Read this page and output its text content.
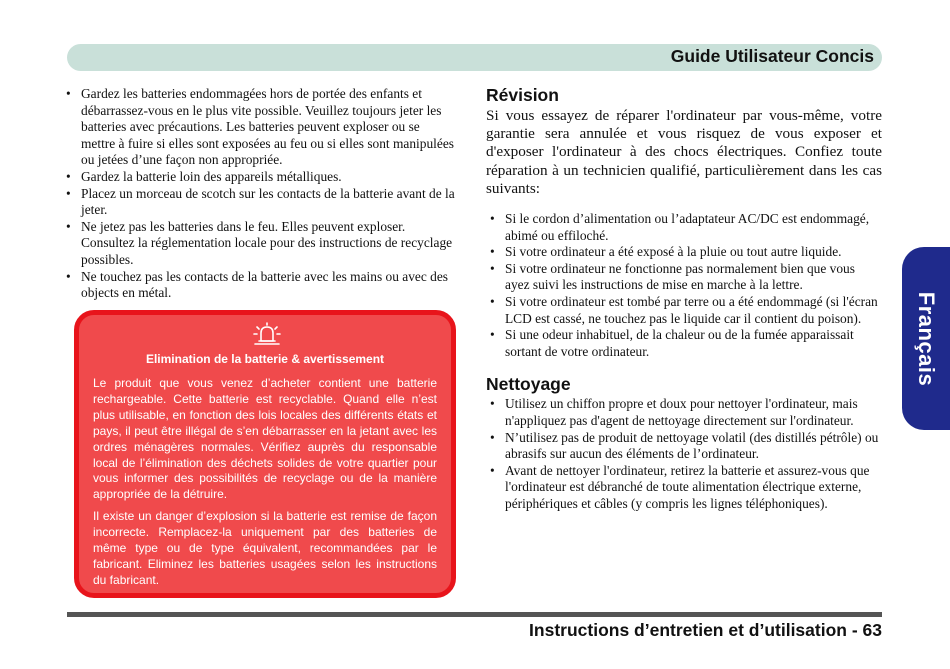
Guide Utilisateur Concis
Français
• Gardez les batteries endommagées hors de portée des enfants et débarrassez-vous en le plus vite possible. Veuillez toujours jeter les batteries avec précautions. Les batteries peuvent exploser ou se mettre à fuire si elles sont exposées au feu ou si elles sont manipulées ou jetées d’une façon non appropriée.
• Gardez la batterie loin des appareils métalliques.
• Placez un morceau de scotch sur les contacts de la batterie avant de la jeter.
• Ne jetez pas les batteries dans le feu. Elles peuvent exploser. Consultez la réglementation locale pour des instructions de recyclage possibles.
• Ne touchez pas les contacts de la batterie avec les mains ou avec des objects en métal.
Elimination de la batterie & avertissement

Le produit que vous venez d’acheter contient une batterie rechargeable. Cette batterie est recyclable. Quand elle n’est plus utilisable, en fonction des lois locales des différents états et pays, il peut être illégal de s’en débarrasser en la jetant avec les ordres ménagères normales. Vérifiez auprès du responsable local de l’élimination des déchets solides de votre quartier pour vous informer des possibilités de recyclage ou de la manière appropriée de la détruire.

Il existe un danger d’explosion si la batterie est remise de façon incorrecte. Remplacez-la uniquement par des batteries de même type ou de type équivalent, recommandées par le fabricant. Eliminez les batteries usagées selon les instructions du fabricant.

Révision

Si vous essayez de réparer l'ordinateur par vous-même, votre garantie sera annulée et vous risquez de vous exposer et d'exposer l'ordinateur à des chocs électriques. Confiez toute réparation à un technicien qualifié, particulièrement dans les cas suivants:

• Si le cordon d’alimentation ou l’adaptateur AC/DC est endommagé, abimé ou effiloché.
• Si votre ordinateur a été exposé à la pluie ou tout autre liquide.
• Si votre ordinateur ne fonctionne pas normalement bien que vous ayez suivi les instructions de mise en marche à la lettre.
• Si votre ordinateur est tombé par terre ou a été endommagé (si l'écran LCD est cassé, ne touchez pas le liquide car il contient du poison).
• Si une odeur inhabituel, de la chaleur ou de la fumée apparaissait sortant de votre ordinateur.
Nettoyage
• Utilisez un chiffon propre et doux pour nettoyer l'ordinateur, mais n'appliquez pas d'agent de nettoyage directement sur l'ordinateur.
• N’utilisez pas de produit de nettoyage volatil (des distillés pétrôle) ou abrasifs sur aucun des éléments de l’ordinateur.
• Avant de nettoyer l'ordinateur, retirez la batterie et assurez-vous que l'ordinateur est débranché de toute alimentation électrique externe, périphériques et câbles (y compris les lignes téléphoniques).
Instructions d’entretien et d’utilisation - 63
